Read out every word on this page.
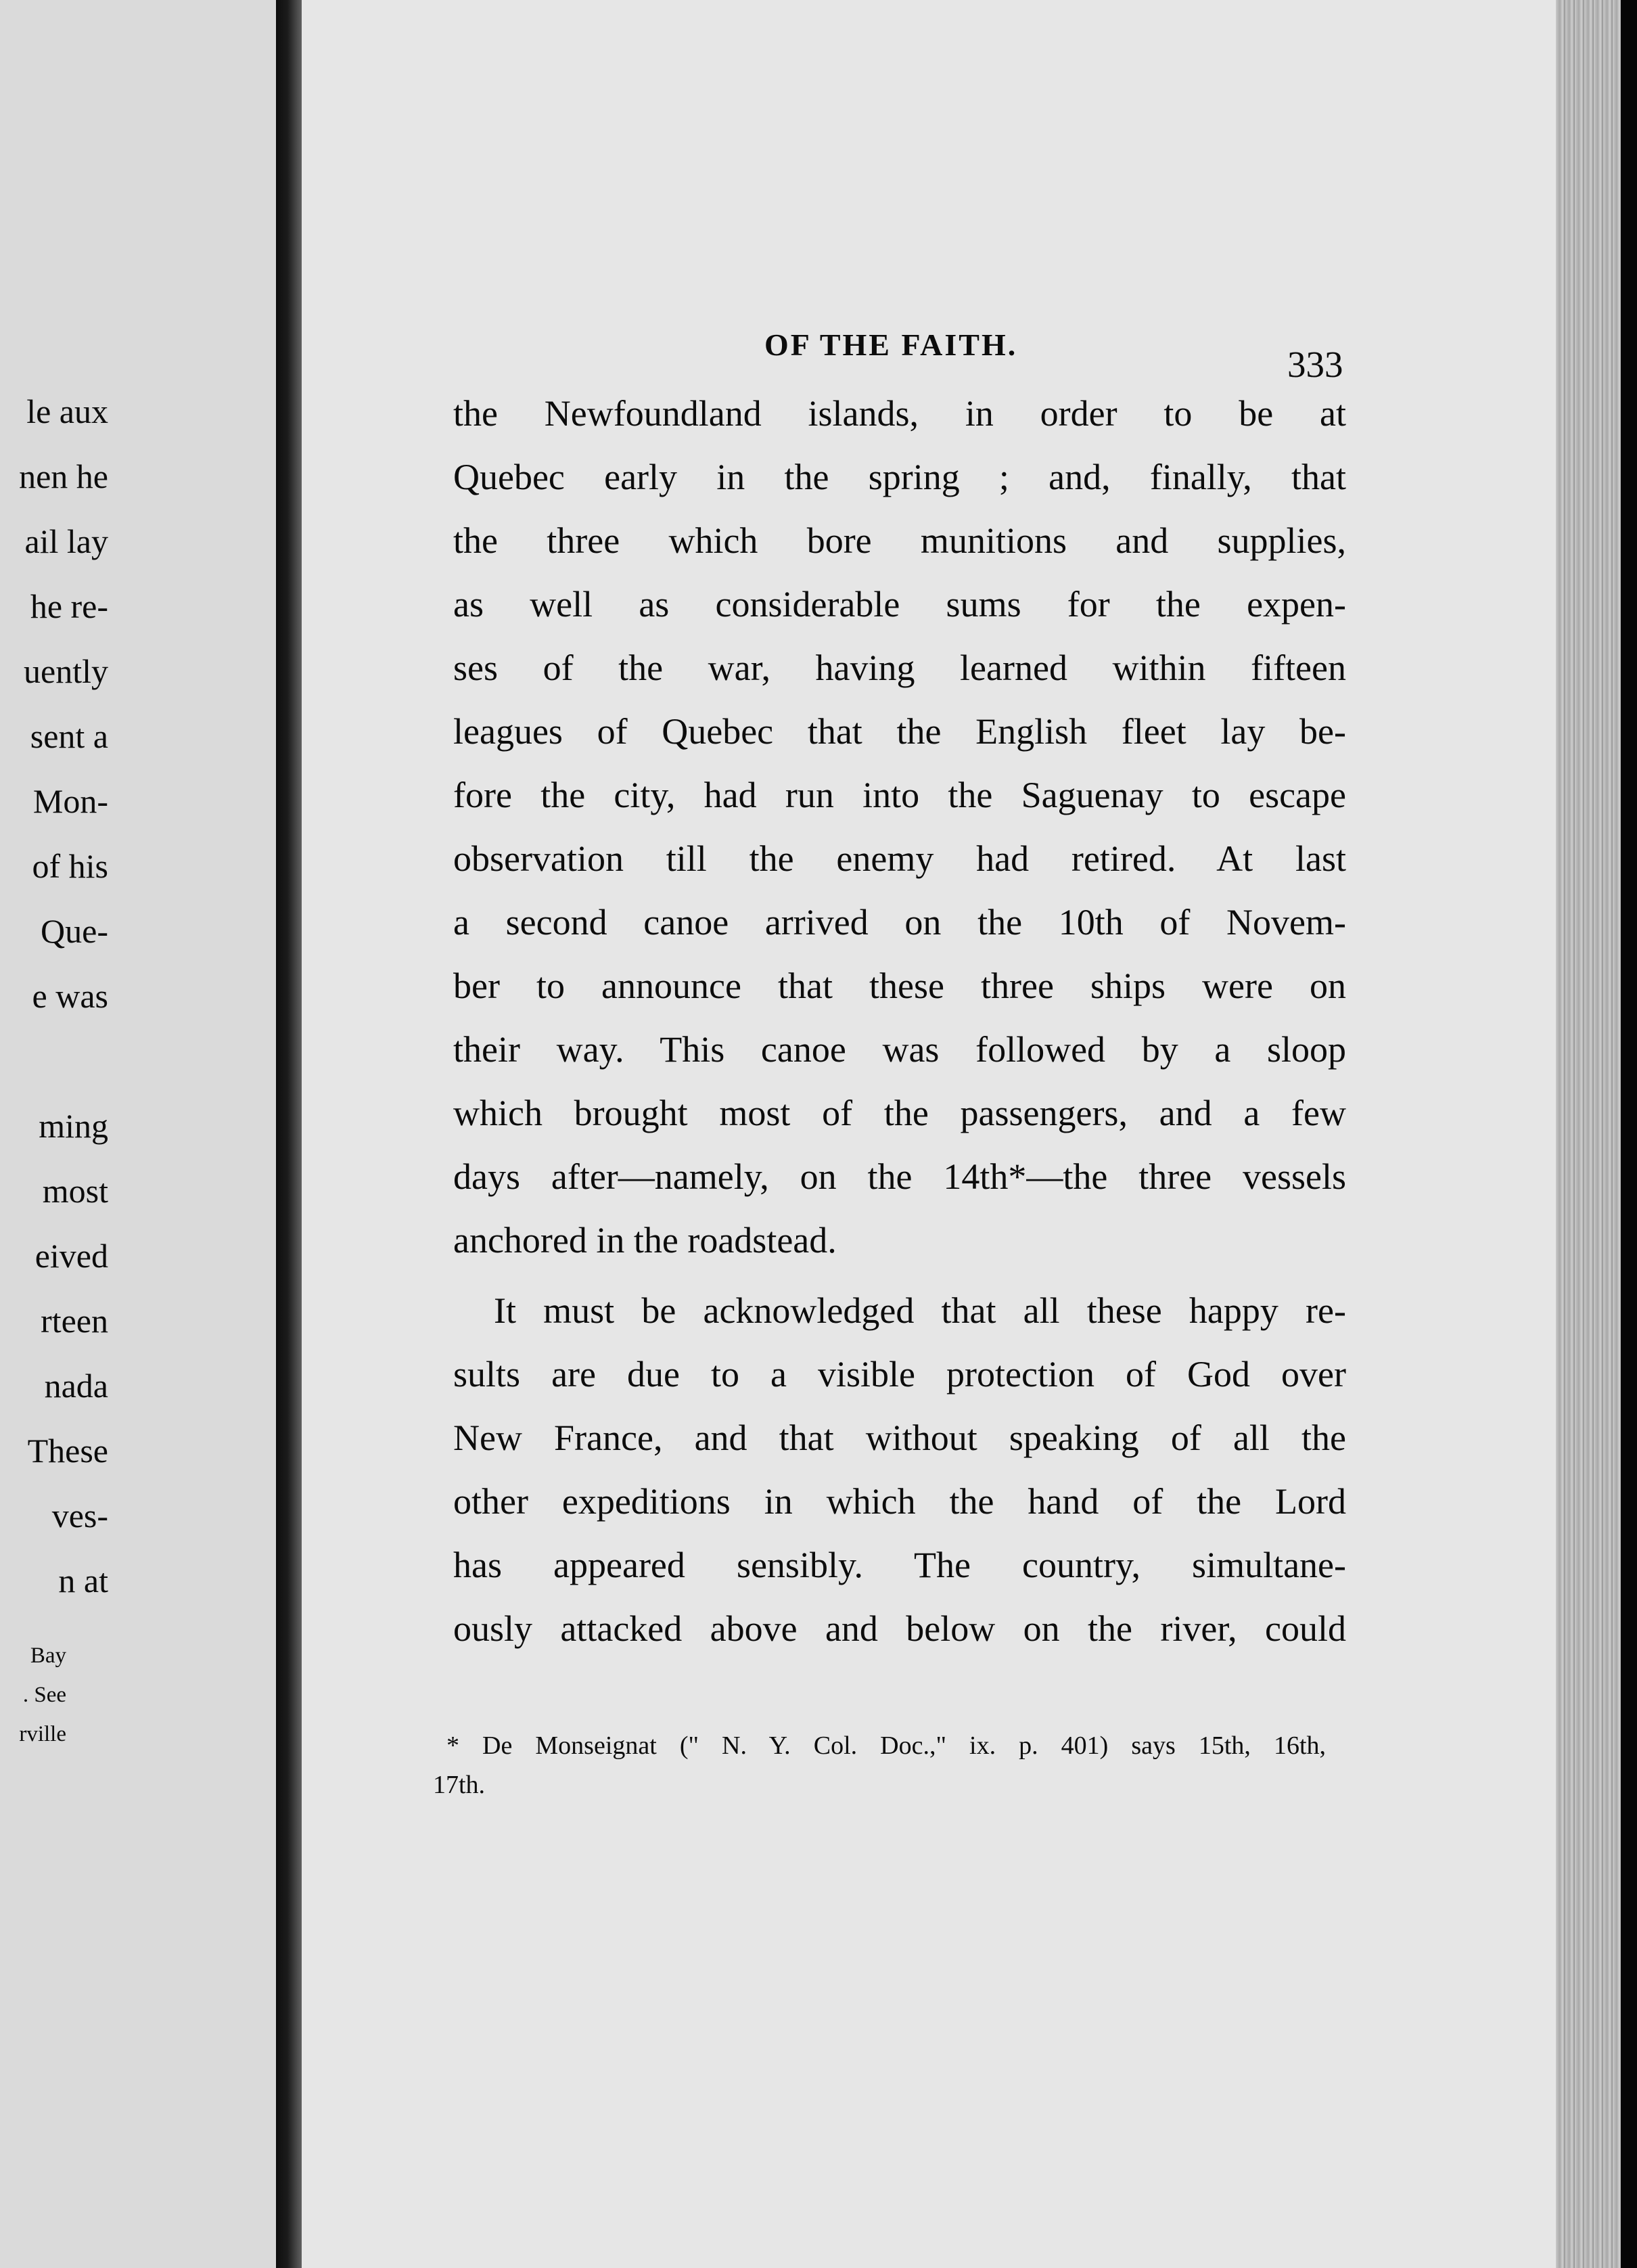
le aux
nen he
ail lay
he re-
uently
sent a
Mon-
of his
Que-
e was
ming
most
eived
rteen
nada
These
ves-
n at
Bay
. See
rville
OF THE FAITH.	333
the Newfoundland islands, in order to be at
Quebec early in the spring ; and, finally, that
the three which bore munitions and supplies,
as well as considerable sums for the expen-
ses of the war, having learned within fifteen
leagues of Quebec that the English fleet lay be-
fore the city, had run into the Saguenay to escape
observation till the enemy had retired. At last
a second canoe arrived on the 10th of Novem-
ber to announce that these three ships were on
their way. This canoe was followed by a sloop
which brought most of the passengers, and a few
days after—namely, on the 14th*—the three vessels
anchored in the roadstead.
It must be acknowledged that all these happy re-
sults are due to a visible protection of God over
New France, and that without speaking of all the
other expeditions in which the hand of the Lord
has appeared sensibly. The country, simultane-
ously attacked above and below on the river, could
* De Monseignat (" N. Y. Col. Doc.," ix. p. 401) says 15th, 16th,
17th.
